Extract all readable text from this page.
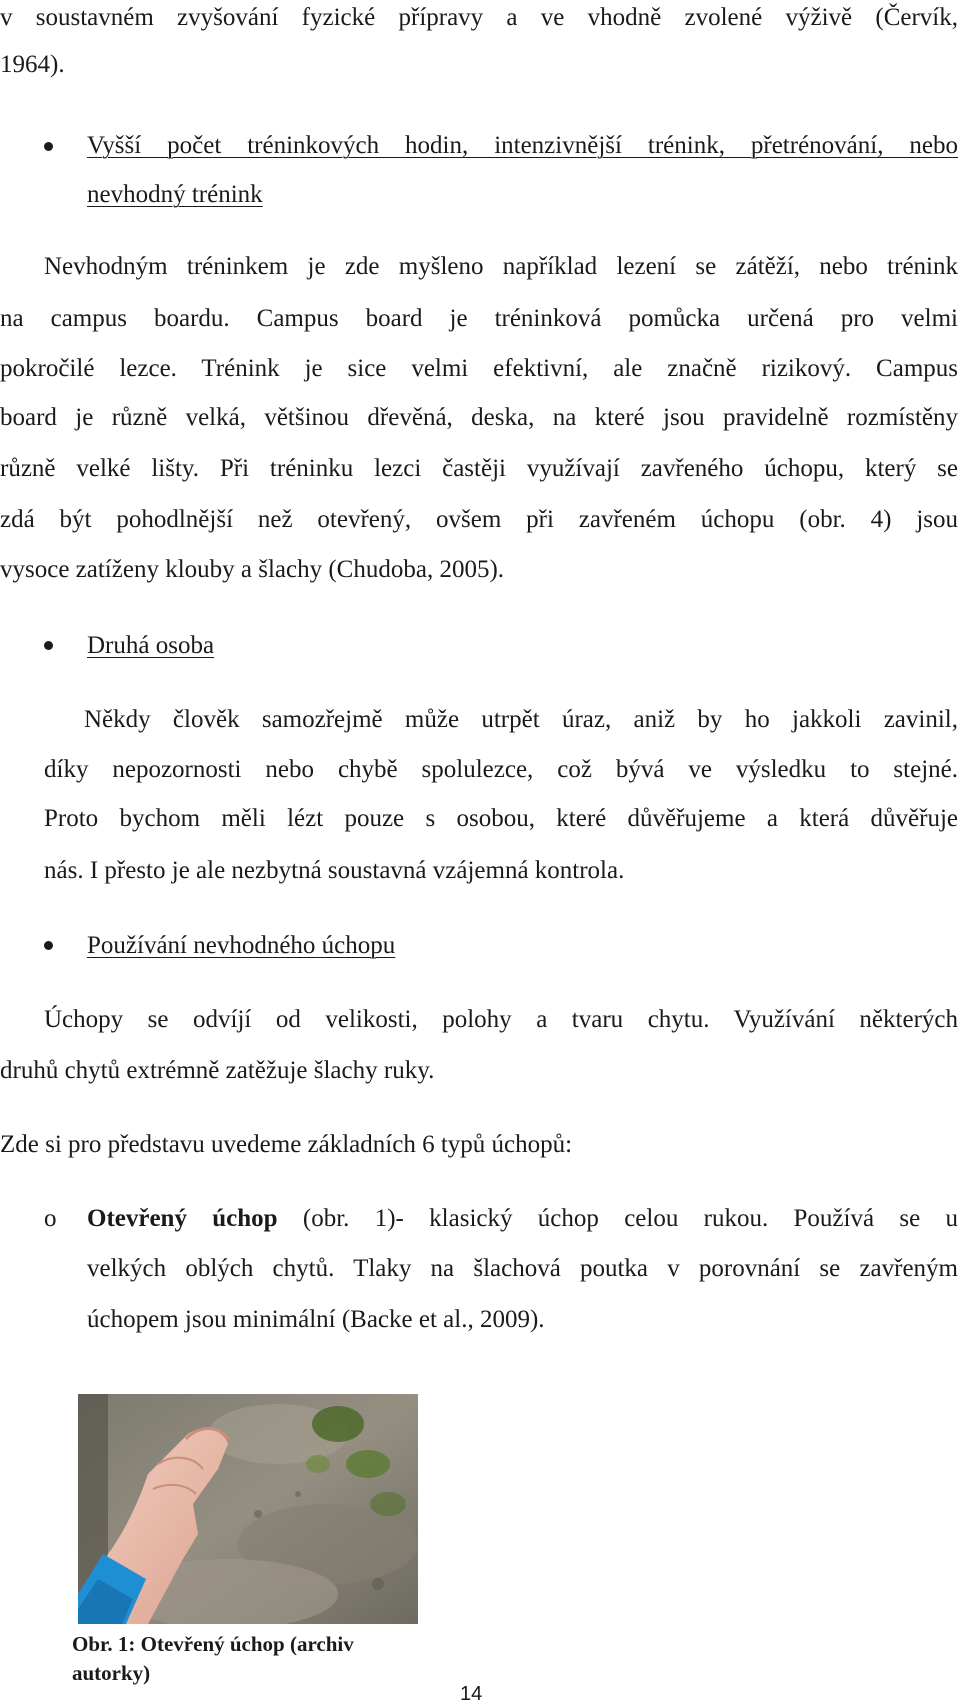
v soustavném zvyšování fyzické přípravy a ve vhodně zvolené výživě (Červík,
1964).
Vyšší počet tréninkových hodin, intenzivnější trénink, přetrénování, nebo
nevhodný trénink
Nevhodným tréninkem je zde myšleno například lezení se zátěží, nebo trénink
na campus boardu. Campus board je tréninková pomůcka určená pro velmi
pokročilé lezce. Trénink je sice velmi efektivní, ale značně rizikový. Campus
board je různě velká, většinou dřevěná, deska, na které jsou pravidelně rozmístěny
různě velké lišty. Při tréninku lezci častěji využívají zavřeného úchopu, který se
zdá být pohodlnější než otevřený, ovšem při zavřeném úchopu (obr. 4) jsou
vysoce zatíženy klouby a šlachy (Chudoba, 2005).
Druhá osoba
Někdy člověk samozřejmě může utrpět úraz, aniž by ho jakkoli zavinil,
díky nepozornosti nebo chybě spolulezce, což bývá ve výsledku to stejné.
Proto bychom měli lézt pouze s osobou, které důvěřujeme a která důvěřuje
nás. I přesto je ale nezbytná soustavná vzájemná kontrola.
Používání nevhodného úchopu
Úchopy se odvíjí od velikosti, polohy a tvaru chytu. Využívání některých
druhů chytů extrémně zatěžuje šlachy ruky.
Zde si pro představu uvedeme základních 6 typů úchopů:
o	Otevřený úchop (obr. 1)- klasický úchop celou rukou. Používá se u
velkých oblých chytů. Tlaky na šlachová poutka v porovnání se zavřeným
úchopem jsou minimální (Backe et al., 2009).
Obr. 1: Otevřený úchop (archiv
autorky)
14
